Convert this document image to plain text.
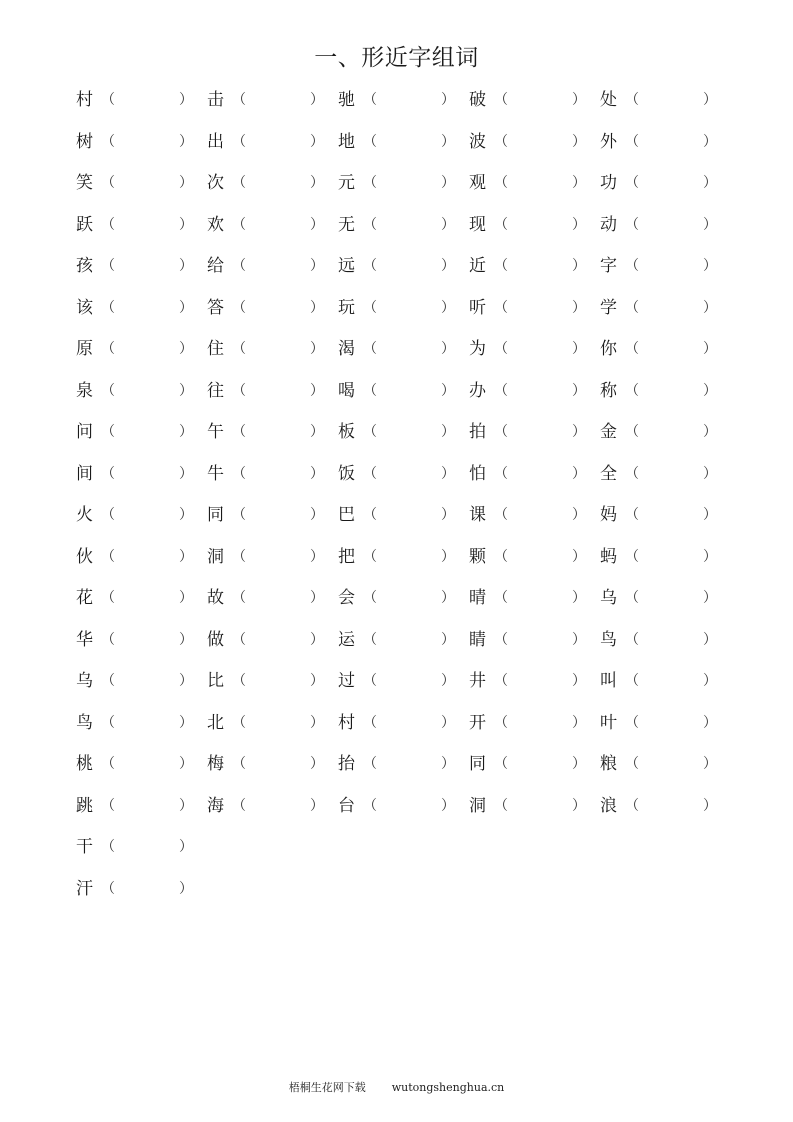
一、形近字组词
村 （	） 击 （	） 驰 （	） 破 （	） 处 （	）
树 （	） 出 （	） 地 （	） 波 （	） 外 （	）
笑 （	） 次 （	） 元 （	） 观 （	） 功 （	）
跃 （	） 欢 （	） 无 （	） 现 （	） 动 （	）
孩 （	） 给 （	） 远 （	） 近 （	） 字 （	）
该 （	） 答 （	） 玩 （	） 听 （	） 学 （	）
原 （	） 住 （	） 渴 （	） 为 （	） 你 （	）
泉 （	） 往 （	） 喝 （	） 办 （	） 称 （	）
问 （	） 午 （	） 板 （	） 拍 （	） 金 （	）
间 （	） 牛 （	） 饭 （	） 怕 （	） 全 （	）
火 （	） 同 （	） 巴 （	） 课 （	） 妈 （	）
伙 （	） 洞 （	） 把 （	） 颗 （	） 蚂 （	）
花 （	） 故 （	） 会 （	） 晴 （	） 乌 （	）
华 （	） 做 （	） 运 （	） 睛 （	） 鸟 （	）
乌 （	） 比 （	） 过 （	） 井 （	） 叫 （	）
鸟 （	） 北 （	） 村 （	） 开 （	） 叶 （	）
桃 （	） 梅 （	） 抬 （	） 同 （	） 粮 （	）
跳 （	） 海 （	） 台 （	） 洞 （	） 浪 （	）
干 （	）
汗 （	）
梧桐生花网下载 wutongshenghua.cn
